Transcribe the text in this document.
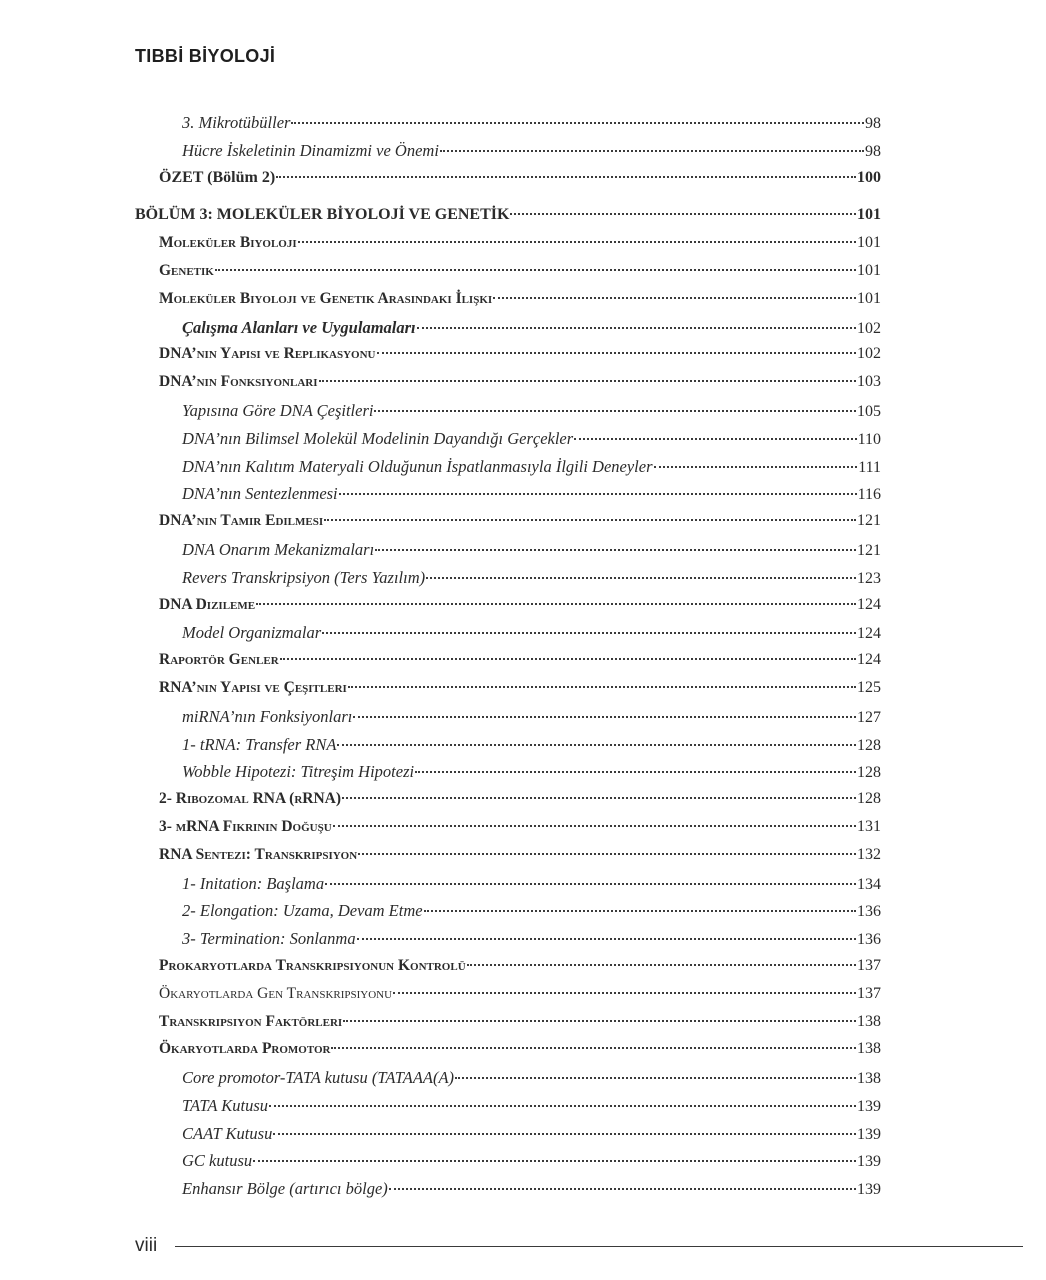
TIBBİ BİYOLOJİ
3. Mikrotübüller	98
Hücre İskeletinin Dinamizmi ve Önemi	98
ÖZET (Bölüm 2)	100
BÖLÜM 3: MOLEKÜLER BİYOLOJİ VE GENETİK	101
Moleküler Biyoloji	101
Genetik	101
Moleküler Biyoloji ve Genetik Arasındaki İlişki	101
Çalışma Alanları ve Uygulamaları	102
DNA’nın Yapısı ve Replikasyonu	102
DNA’nın Fonksiyonları	103
Yapısına Göre DNA Çeşitleri	105
DNA’nın Bilimsel Molekül Modelinin Dayandığı Gerçekler	110
DNA’nın Kalıtım Materyali Olduğunun İspatlanmasıyla İlgili Deneyler	111
DNA’nın Sentezlenmesi	116
DNA’nın Tamir Edilmesi	121
DNA Onarım Mekanizmaları	121
Revers Transkripsiyon (Ters Yazılım)	123
DNA Dizileme	124
Model Organizmalar	124
Raportör Genler	124
RNA’nın Yapısı ve Çeşitleri	125
miRNA’nın Fonksiyonları	127
1- tRNA: Transfer RNA	128
Wobble Hipotezi: Titreşim Hipotezi	128
2- Ribozomal RNA (rRNA)	128
3- mRNA Fikrinin Doğuşu	131
RNA Sentezi: Transkripsiyon	132
1- Initation: Başlama	134
2- Elongation: Uzama, Devam Etme	136
3- Termination: Sonlanma	136
Prokaryotlarda Transkripsiyonun Kontrolü	137
Ökaryotlarda Gen Transkripsiyonu	137
Transkripsiyon Faktörleri	138
Ökaryotlarda Promotor	138
Core promotor-TATA kutusu (TATAAA(A)	138
TATA Kutusu	139
CAAT Kutusu	139
GC kutusu	139
Enhansır Bölge (artırıcı bölge)	139
viii
